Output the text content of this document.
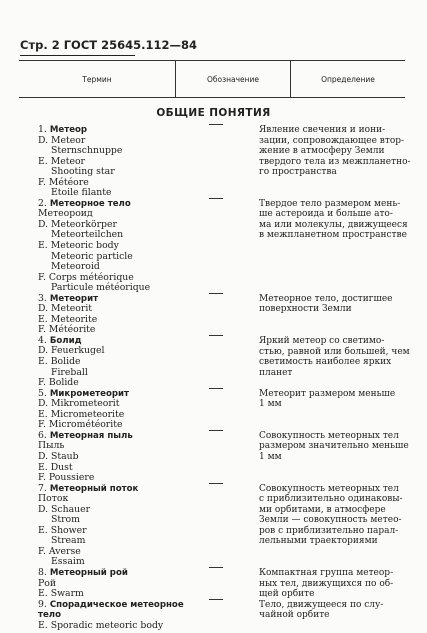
Стр. 2 ГОСТ 25645.112—84
Термин	Обозначение	Определение
ОБЩИЕ ПОНЯТИЯ
1. Метеор
D. Meteor
Sternschnuppe
E. Meteor
Shooting star
F. Météore
Etoile filante
2. Метеорное тело
Метеороид
D. Meteorkörper
Meteorteilchen
E. Meteoric body
Meteoric particle
Meteoroid
F. Corps météorique
Particule météorique
3. Метеорит
D. Meteorit
E. Meteorite
F. Météorite
4. Болид
D. Feuerkugel
E. Bolide
Fireball
F. Bolide
5. Микрометеорит
D. Mikrometeorit
E. Micrometeorite
F. Micrométéorite
6. Метеорная пыль
Пыль
D. Staub
E. Dust
F. Poussiere
7. Метеорный поток
Поток
D. Schauer
Strom
E. Shower
Stream
F. Averse
Essaim
8. Метеорный рой
Рой
E. Swarm
9. Спорадическое метеорное
тело
E. Sporadic meteoric body
Явление свечения и иони-
зации, сопровождающее втор-
жение в атмосферу Земли
твердого тела из межпланетно-
го пространства
Твердое тело размером мень-
ше астероида и больше ато-
ма или молекулы, движущееся
в межпланетном пространстве
Метеорное тело, достигшее
поверхности Земли
Яркий метеор со светимо-
стью, равной или большей, чем
светимость наиболее ярких
планет
Метеорит размером меньше
1 мм
Совокупность метеорных тел
размером значительно меньше
1 мм
Совокупность метеорных тел
с приблизительно одинаковы-
ми орбитами, в атмосфере
Земли — совокупность метео-
ров с приблизительно парал-
лельными траекториями
Компактная группа метеор-
ных тел, движущихся по об-
щей орбите
Тело, движущееся по слу-
чайной орбите
